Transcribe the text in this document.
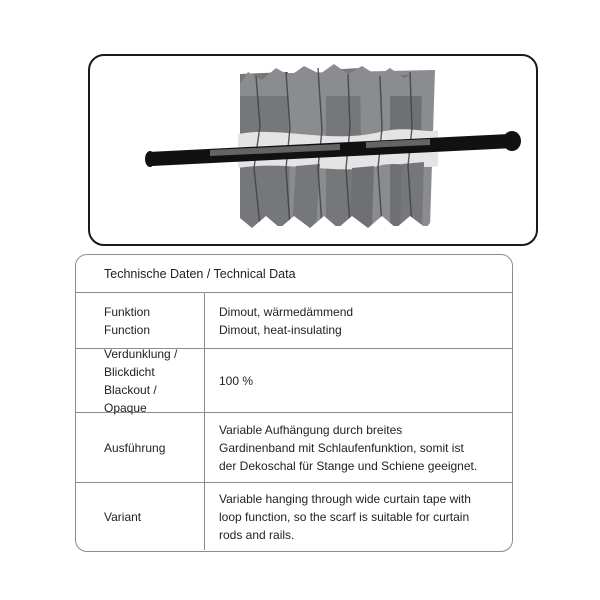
Technische Daten / Technical Data
Funktion
Function
Dimout, wärmedämmend
Dimout, heat-insulating
Verdunklung /
Blickdicht
Blackout / Opaque
100 %
Ausführung
Variable Aufhängung durch breites
Gardinenband mit Schlaufenfunktion, somit ist
der Dekoschal für Stange und Schiene geeignet.
Variant
Variable hanging through wide curtain tape with
loop function, so the scarf is suitable for curtain
rods and rails.
